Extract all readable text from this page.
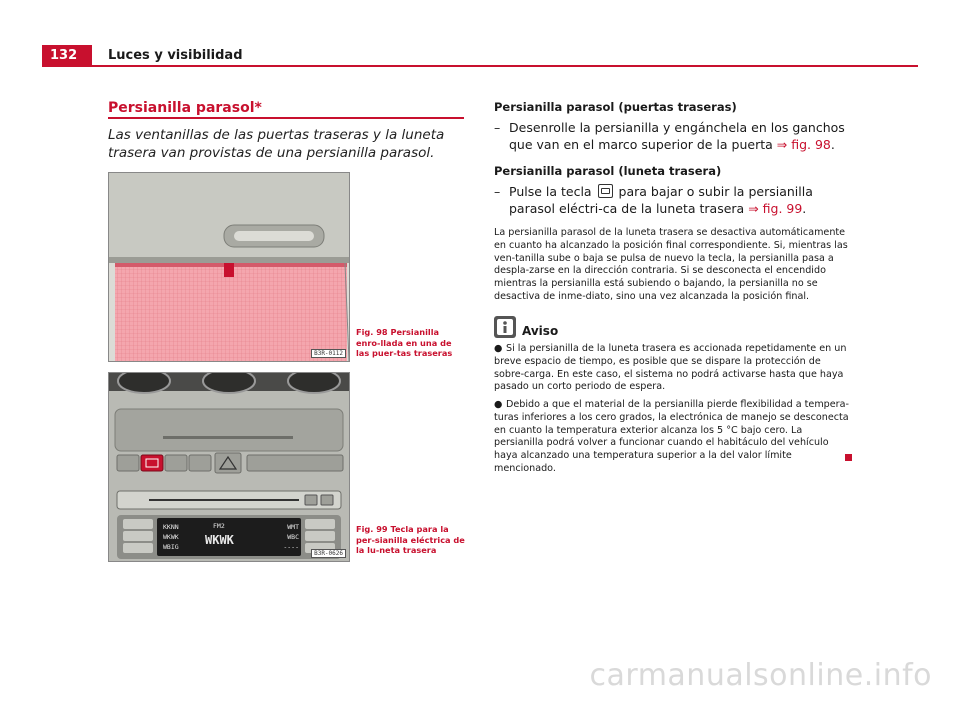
132	Luces y visibilidad
Persianilla parasol*
Las ventanillas de las puertas traseras y la luneta trasera van provistas de una persianilla parasol.
B3R-0112
Fig. 98 Persianilla enro-llada en una de las puer-tas traseras
KKNN
WKWK
WBIG
FM2
WKWK
WMT
WBC
----
B3R-0626
Fig. 99 Tecla para la per-sianilla eléctrica de la lu-neta trasera
Persianilla parasol (puertas traseras)
– Desenrolle la persianilla y engánchela en los ganchos que van en el marco superior de la puerta ⇒ fig. 98.
Persianilla parasol (luneta trasera)
– Pulse la tecla  para bajar o subir la persianilla parasol eléctri-ca de la luneta trasera ⇒ fig. 99.
La persianilla parasol de la luneta trasera se desactiva automáticamente en cuanto ha alcanzado la posición final correspondiente. Si, mientras las ven-tanilla sube o baja se pulsa de nuevo la tecla, la persianilla pasa a despla-zarse en la dirección contraria. Si se desconecta el encendido mientras la persianilla está subiendo o bajando, la persianilla no se desactiva de inme-diato, sino una vez alcanzada la posición final.
Aviso
● Si la persianilla de la luneta trasera es accionada repetidamente en un breve espacio de tiempo, es posible que se dispare la protección de sobre-carga. En este caso, el sistema no podrá activarse hasta que haya pasado un corto periodo de espera.
● Debido a que el material de la persianilla pierde flexibilidad a tempera-turas inferiores a los cero grados, la electrónica de manejo se desconecta en cuanto la temperatura exterior alcanza los 5 °C bajo cero. La persianilla podrá volver a funcionar cuando el habitáculo del vehículo haya alcanzado una temperatura superior a la del valor límite mencionado.
carmanualsonline.info
